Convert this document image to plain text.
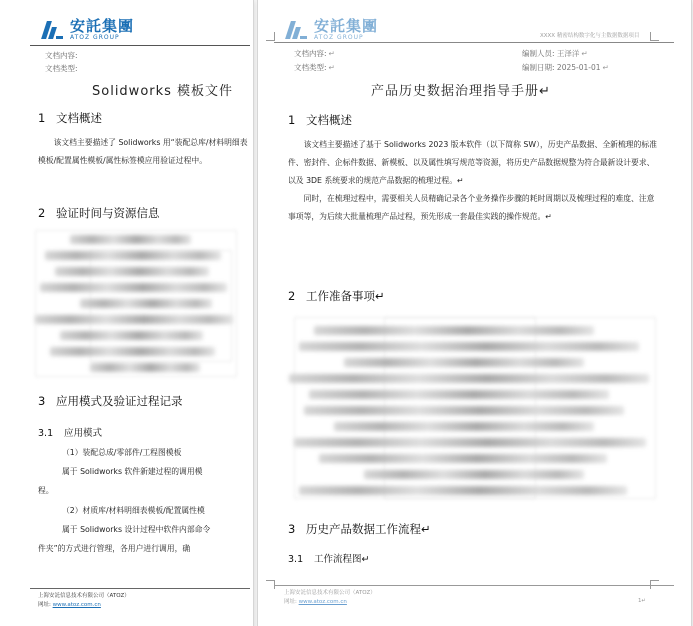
安託集團
ATOZ GROUP
文档内容:
文档类型:
Solidworks 模板文件
1 文档概述

该文档主要描述了 Solidworks 用“装配总库/材料明细表模板/配置属性模板/属性标签模应用验证过程中。

2 验证时间与资源信息
3 应用模式及验证过程记录
3.1 应用模式
（1）装配总成/零部件/工程图模板
属于 Solidworks 软件新建过程的调用模
程。
（2）材质库/材料明细表模板/配置属性模
属于 Solidworks 设计过程中软件内部命令
件夹”的方式进行管理，各用户进行调用，确
上海安託信息技术有限公司（ATOZ）
网址: www.atoz.com.cn
安託集團
ATOZ GROUP	XXXX 精密结构数字化与主数据数据项目
文档内容: ↵
文档类型: ↵
编制人员: 王泽洋 ↵
编制日期: 2025-01-01 ↵
产品历史数据治理指导手册↵
1 文档概述

该文档主要描述了基于 Solidworks 2023 版本软件（以下简称 SW），历史产品数据、全新梳理的标准件、密封件、企标件数据、新模板、以及属性填写规范等资源，将历史产品数据规整为符合最新设计要求、以及 3DE 系统要求的规范产品数据的梳理过程。↵

同时，在梳理过程中，需要相关人员精确记录各个业务操作步骤的耗时周期以及梳理过程的难度、注意事项等，为后续大批量梳理产品过程，预先形成一套最佳实践的操作规范。↵

2 工作准备事项↵
3 历史产品数据工作流程↵
3.1 工作流程图↵
上海安託信息技术有限公司（ATOZ）
网址: www.atoz.com.cn	1↵
